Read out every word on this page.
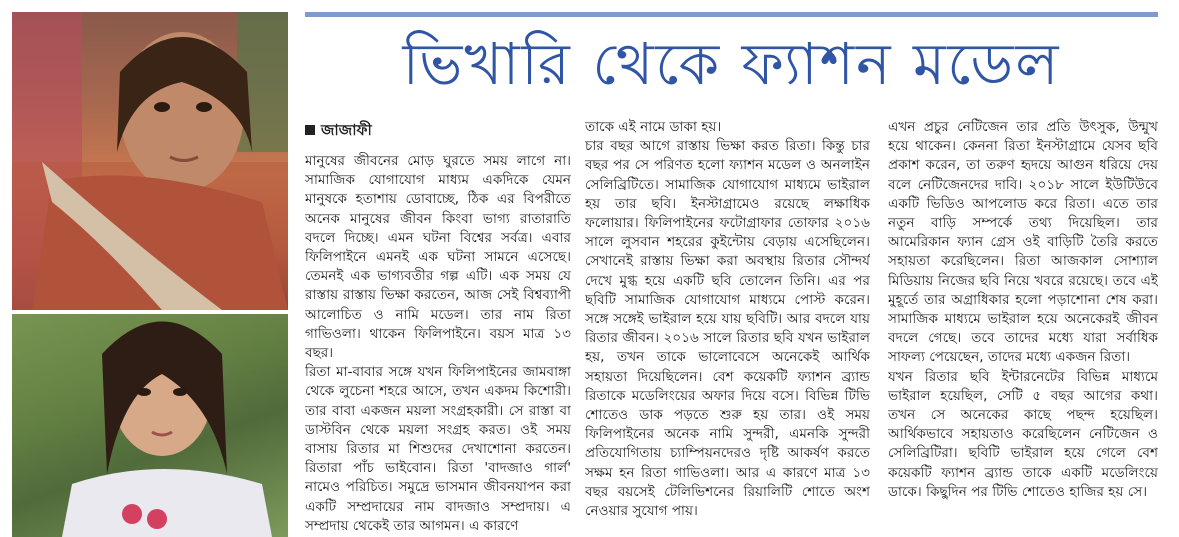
ভিখারি থেকে ফ্যাশন মডেল
জাজাফী

মানুষের জীবনের মোড় ঘুরতে সময় লাগে না। সামাজিক যোগাযোগ মাধ্যম একদিকে যেমন মানুষকে হতাশায় ডোবাচ্ছে, ঠিক এর বিপরীতে অনেক মানুষের জীবন কিংবা ভাগ্য রাতারাতি বদলে দিচ্ছে। এমন ঘটনা বিশ্বের সর্বত্র। এবার ফিলিপাইনে এমনই এক ঘটনা সামনে এসেছে। তেমনই এক ভাগ্যবতীর গল্প এটি। এক সময় যে রাস্তায় রাস্তায় ভিক্ষা করতেন, আজ সেই বিশ্বব্যাপী আলোচিত ও নামি মডেল। তার নাম রিতা গাভিওলা। থাকেন ফিলিপাইনে। বয়স মাত্র ১৩ বছর।

রিতা মা-বাবার সঙ্গে যখন ফিলিপাইনের জামবাঙ্গা থেকে লুচেনা শহরে আসে, তখন একদম কিশোরী। তার বাবা একজন ময়লা সংগ্রহকারী। সে রাস্তা বা ডাস্টবিন থেকে ময়লা সংগ্রহ করত। ওই সময় বাসায় রিতার মা শিশুদের দেখাশোনা করতেন। রিতারা পাঁচ ভাইবোন। রিতা 'বাদজাও গার্ল' নামেও পরিচিত। সমুদ্রে ভাসমান জীবনযাপন করা একটি সম্প্রদায়ের নাম বাদজাও সম্প্রদায়। এ সম্প্রদায় থেকেই তার আগমন। এ কারণে

তাকে এই নামে ডাকা হয়।

চার বছর আগে রাস্তায় ভিক্ষা করত রিতা। কিন্তু চার বছর পর সে পরিণত হলো ফ্যাশন মডেল ও অনলাইন সেলিব্রিটিতে। সামাজিক যোগাযোগ মাধ্যমে ভাইরাল হয় তার ছবি। ইনস্টাগ্রামেও রয়েছে লক্ষাধিক ফলোয়ার। ফিলিপাইনের ফটোগ্রাফার তোফার ২০১৬ সালে লুসবান শহরের কুইন্টোয় বেড়ায় এসেছিলেন। সেখানেই রাস্তায় ভিক্ষা করা অবস্থায় রিতার সৌন্দর্য দেখে মুগ্ধ হয়ে একটি ছবি তোলেন তিনি। এর পর ছবিটি সামাজিক যোগাযোগ মাধ্যমে পোস্ট করেন। সঙ্গে সঙ্গেই ভাইরাল হয়ে যায় ছবিটি। আর বদলে যায় রিতার জীবন। ২০১৬ সালে রিতার ছবি যখন ভাইরাল হয়, তখন তাকে ভালোবেসে অনেকেই আর্থিক সহায়তা দিয়েছিলেন। বেশ কয়েকটি ফ্যাশন ব্র্যান্ড রিতাকে মডেলিংয়ের অফার দিয়ে বসে। বিভিন্ন টিভি শোতেও ডাক পড়তে শুরু হয় তার। ওই সময় ফিলিপাইনের অনেক নামি সুন্দরী, এমনকি সুন্দরী প্রতিযোগিতায় চ্যাম্পিয়নদেরও দৃষ্টি আকর্ষণ করতে সক্ষম হন রিতা গাভিওলা। আর এ কারণে মাত্র ১৩ বছর বয়সেই টেলিভিশনের রিয়ালিটি শোতে অংশ নেওয়ার সুযোগ পায়।

এখন প্রচুর নেটিজেন তার প্রতি উৎসুক, উন্মুখ হয়ে থাকেন। কেননা রিতা ইনস্টাগ্রামে যেসব ছবি প্রকাশ করেন, তা তরুণ হৃদয়ে আগুন ধরিয়ে দেয় বলে নেটিজেনদের দাবি। ২০১৮ সালে ইউটিউবে একটি ভিডিও আপলোড করে রিতা। এতে তার নতুন বাড়ি সম্পর্কে তথ্য দিয়েছিল। তার আমেরিকান ফ্যান গ্রেস ওই বাড়িটি তৈরি করতে সহায়তা করেছিলেন। রিতা আজকাল সোশ্যাল মিডিয়ায় নিজের ছবি নিয়ে খবরে রয়েছে। তবে এই মুহূর্তে তার অগ্রাধিকার হলো পড়াশোনা শেষ করা। সামাজিক মাধ্যমে ভাইরাল হয়ে অনেকেরই জীবন বদলে গেছে। তবে তাদের মধ্যে যারা সর্বাধিক সাফল্য পেয়েছেন, তাদের মধ্যে একজন রিতা।

যখন রিতার ছবি ইন্টারনেটের বিভিন্ন মাধ্যমে ভাইরাল হয়েছিল, সেটি ৫ বছর আগের কথা। তখন সে অনেকের কাছে পছন্দ হয়েছিল। আর্থিকভাবে সহায়তাও করেছিলেন নেটিজেন ও সেলিব্রিটিরা। ছবিটি ভাইরাল হয়ে গেলে বেশ কয়েকটি ফ্যাশন ব্র্যান্ড তাকে একটি মডেলিংয়ে ডাকে। কিছুদিন পর টিভি শোতেও হাজির হয় সে।
